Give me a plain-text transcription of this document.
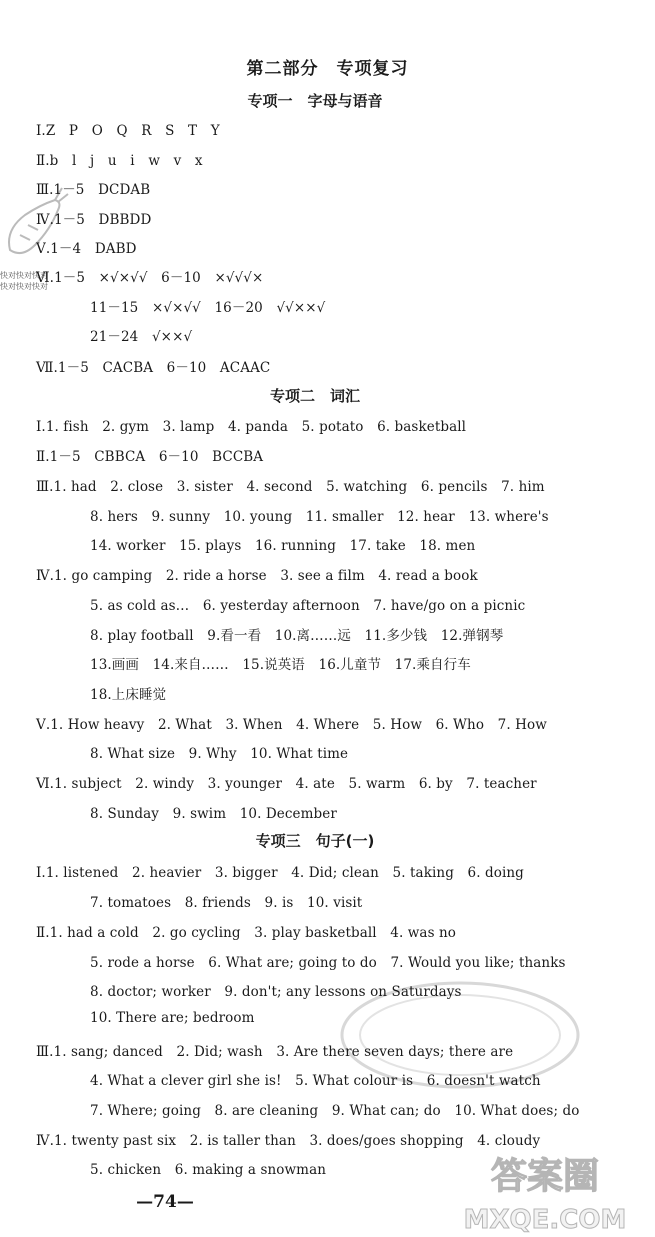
快对快对快对
快对快对快对
第二部分　专项复习
专项一　字母与语音
Ⅰ.Z　P　O　Q　R　S　T　Y
Ⅱ.b　l　j　u　i　w　v　x
Ⅲ.1－5　DCDAB
Ⅳ.1－5　DBBDD
Ⅴ.1－4　DABD
Ⅵ.1－5　×√×√√　6－10　×√√√×
11－15　×√×√√　16－20　√√××√
21－24　√××√
Ⅶ.1－5　CACBA　6－10　ACAAC
专项二　词汇
Ⅰ.1. fish　2. gym　3. lamp　4. panda　5. potato　6. basketball
Ⅱ.1－5　CBBCA　6－10　BCCBA
Ⅲ.1. had　2. close　3. sister　4. second　5. watching　6. pencils　7. him
8. hers　9. sunny　10. young　11. smaller　12. hear　13. where's
14. worker　15. plays　16. running　17. take　18. men
Ⅳ.1. go camping　2. ride a horse　3. see a film　4. read a book
5. as cold as…　6. yesterday afternoon　7. have/go on a picnic
8. play football　9.看一看　10.离……远　11.多少钱　12.弹钢琴
13.画画　14.来自……　15.说英语　16.儿童节　17.乘自行车
18.上床睡觉
Ⅴ.1. How heavy　2. What　3. When　4. Where　5. How　6. Who　7. How
8. What size　9. Why　10. What time
Ⅵ.1. subject　2. windy　3. younger　4. ate　5. warm　6. by　7. teacher
8. Sunday　9. swim　10. December
专项三　句子(一)
Ⅰ.1. listened　2. heavier　3. bigger　4. Did; clean　5. taking　6. doing
7. tomatoes　8. friends　9. is　10. visit
Ⅱ.1. had a cold　2. go cycling　3. play basketball　4. was no
5. rode a horse　6. What are; going to do　7. Would you like; thanks
8. doctor; worker　9. don't; any lessons on Saturdays
10. There are; bedroom
Ⅲ.1. sang; danced　2. Did; wash　3. Are there seven days; there are
4. What a clever girl she is!　5. What colour is　6. doesn't watch
7. Where; going　8. are cleaning　9. What can; do　10. What does; do
Ⅳ.1. twenty past six　2. is taller than　3. does/goes shopping　4. cloudy
5. chicken　6. making a snowman
—74—
答案圈
MXQE.COM
